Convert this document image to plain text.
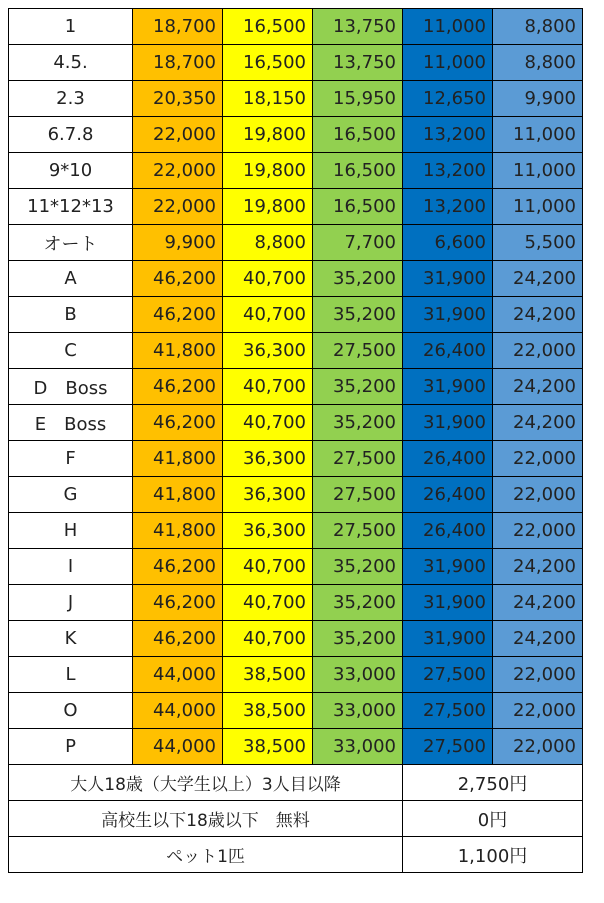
1	18,700	16,500	13,750	11,000	8,800
4.5.	18,700	16,500	13,750	11,000	8,800
2.3	20,350	18,150	15,950	12,650	9,900
6.7.8	22,000	19,800	16,500	13,200	11,000
9*10	22,000	19,800	16,500	13,200	11,000
11*12*13	22,000	19,800	16,500	13,200	11,000
オート	9,900	8,800	7,700	6,600	5,500
A	46,200	40,700	35,200	31,900	24,200
B	46,200	40,700	35,200	31,900	24,200
C	41,800	36,300	27,500	26,400	22,000
D　Boss	46,200	40,700	35,200	31,900	24,200
E　Boss	46,200	40,700	35,200	31,900	24,200
F	41,800	36,300	27,500	26,400	22,000
G	41,800	36,300	27,500	26,400	22,000
H	41,800	36,300	27,500	26,400	22,000
I	46,200	40,700	35,200	31,900	24,200
J	46,200	40,700	35,200	31,900	24,200
K	46,200	40,700	35,200	31,900	24,200
L	44,000	38,500	33,000	27,500	22,000
O	44,000	38,500	33,000	27,500	22,000
P	44,000	38,500	33,000	27,500	22,000
大人18歳（大学生以上）3人目以降				2,750円	
高校生以下18歳以下　無料				0円	
ペット1匹				1,100円	
